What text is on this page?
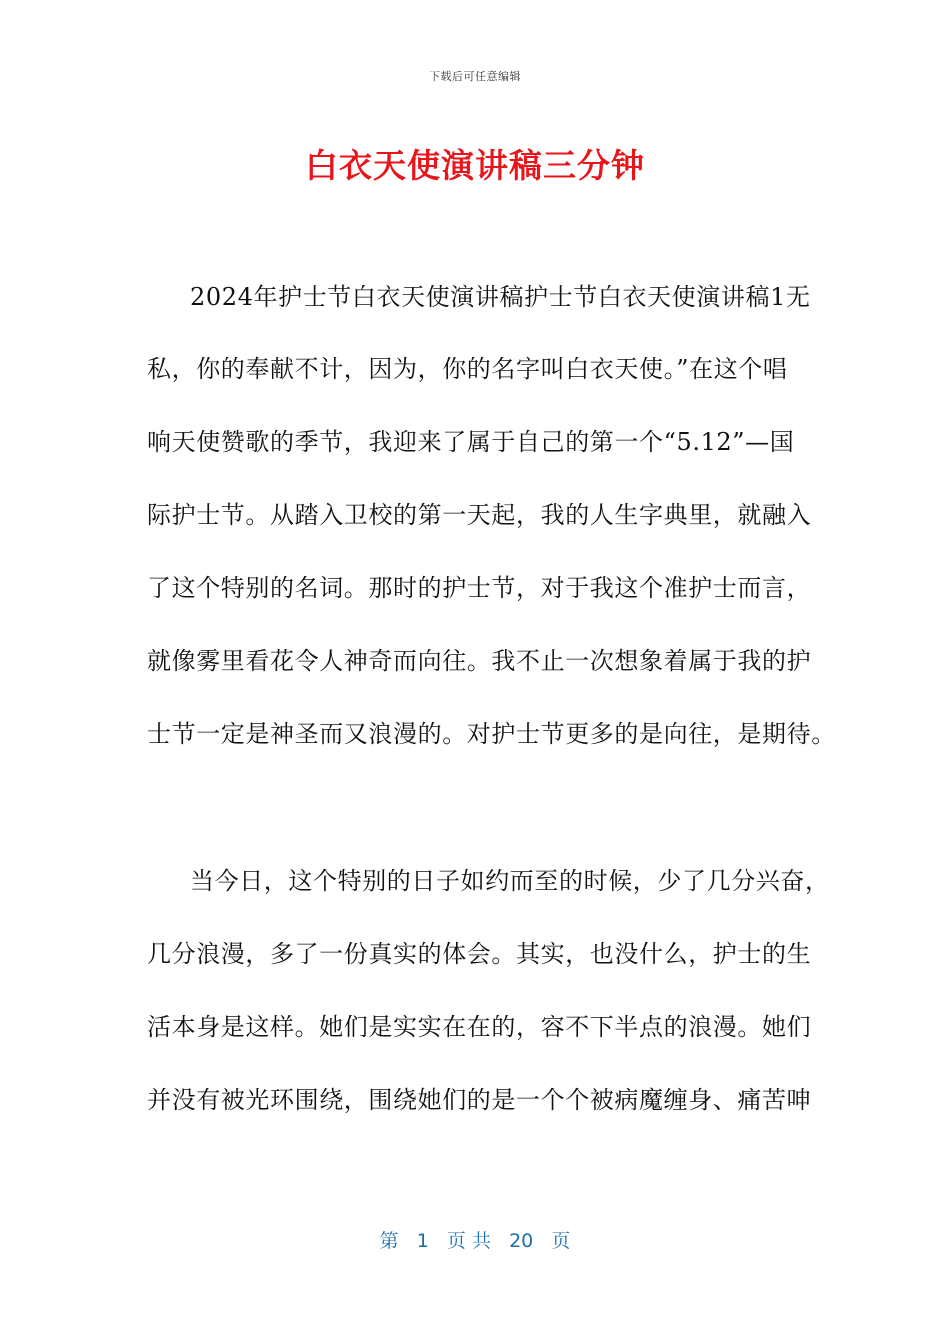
下载后可任意编辑
白衣天使演讲稿三分钟
2024年护士节白衣天使演讲稿护士节白衣天使演讲稿1无
私，你的奉献不计，因为，你的名字叫白衣天使。”在这个唱
响天使赞歌的季节，我迎来了属于自己的第一个“5.12”—国
际护士节。从踏入卫校的第一天起，我的人生字典里，就融入
了这个特别的名词。那时的护士节，对于我这个准护士而言，
就像雾里看花令人神奇而向往。我不止一次想象着属于我的护
士节一定是神圣而又浪漫的。对护士节更多的是向往，是期待。
当今日，这个特别的日子如约而至的时候，少了几分兴奋，
几分浪漫，多了一份真实的体会。其实，也没什么，护士的生
活本身是这样。她们是实实在在的，容不下半点的浪漫。她们
并没有被光环围绕，围绕她们的是一个个被病魔缠身、痛苦呻
第 1 页 共 20 页
